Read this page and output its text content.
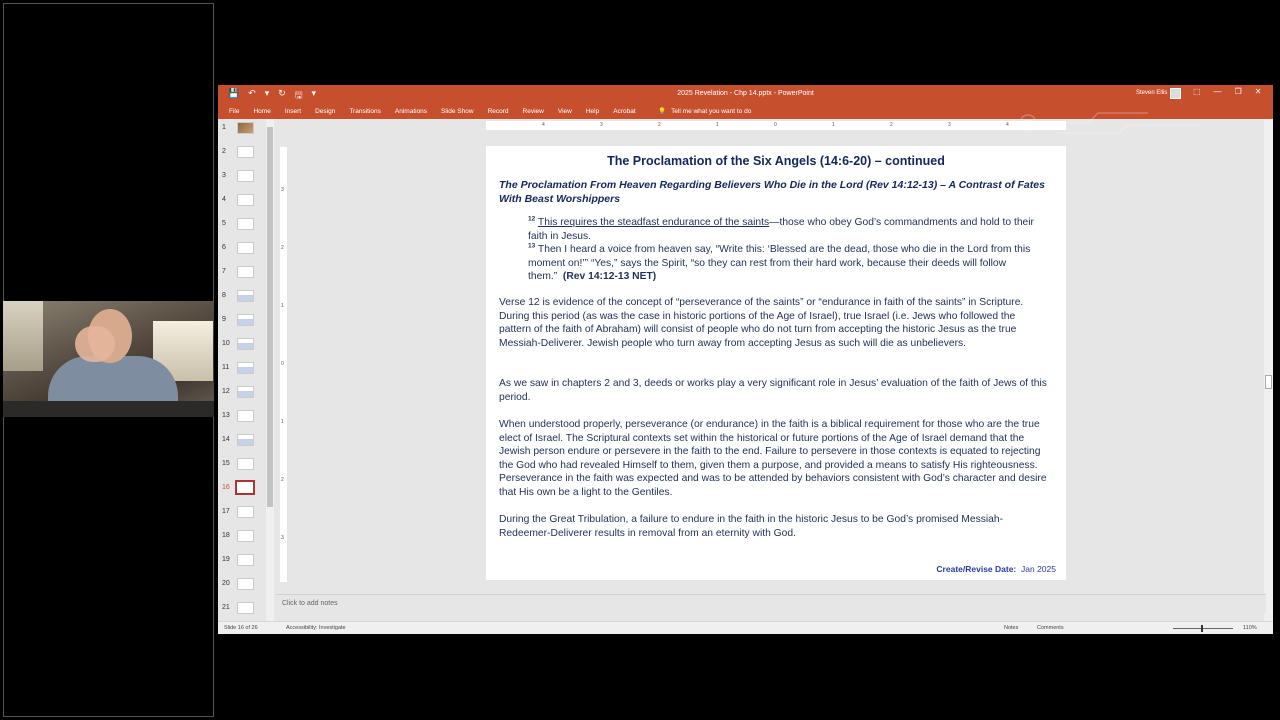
💾 ↶ ▾ ↻ 🖫 ▾	2025 Revelation - Chp 14.pptx - PowerPoint	Steven Ellis	⬚ — ❐ ✕
File Home Insert Design Transitions Animations Slide Show Record Review View Help Acrobat	💡 Tell me what you want to do
1
2
3
4
5
6
7
8
9
10
11
12
13
14
15
16
17
18
19
20
21
4	3	2	1	0	1	2	3	4
3
2
1
0
1
2
3
The Proclamation of the Six Angels (14:6-20) – continued
The Proclamation From Heaven Regarding Believers Who Die in the Lord (Rev 14:12-13) – A Contrast of Fates With Beast Worshippers
$^{12}$ This requires the steadfast endurance of the saints—those who obey God’s commandments and hold to their faith in Jesus.
$^{13}$ Then I heard a voice from heaven say, “Write this: ‘Blessed are the dead, those who die in the Lord from this moment on!’” “Yes,” says the Spirit, “so they can rest from their hard work, because their deeds will follow them.” (Rev 14:12-13 NET)
Verse 12 is evidence of the concept of “perseverance of the saints” or “endurance in faith of the saints” in Scripture. During this period (as was the case in historic portions of the Age of Israel), true Israel (i.e. Jews who followed the pattern of the faith of Abraham) will consist of people who do not turn from accepting the historic Jesus as the true Messiah-Deliverer. Jewish people who turn away from accepting Jesus as such will die as unbelievers.
As we saw in chapters 2 and 3, deeds or works play a very significant role in Jesus’ evaluation of the faith of Jews of this period.
When understood properly, perseverance (or endurance) in the faith is a biblical requirement for those who are the true elect of Israel. The Scriptural contexts set within the historical or future portions of the Age of Israel demand that the Jewish person endure or persevere in the faith to the end. Failure to persevere in those contexts is equated to rejecting the God who had revealed Himself to them, given them a purpose, and provided a means to satisfy His righteousness. Perseverance in the faith was expected and was to be attended by behaviors consistent with God’s character and desire that His own be a light to the Gentiles.
During the Great Tribulation, a failure to endure in the faith in the historic Jesus to be God’s promised Messiah-Redeemer-Deliverer results in removal from an eternity with God.
Create/Revise Date: Jan 2025
Click to add notes
Slide 16 of 26	Accessibility: Investigate	Notes	Comments	110%
